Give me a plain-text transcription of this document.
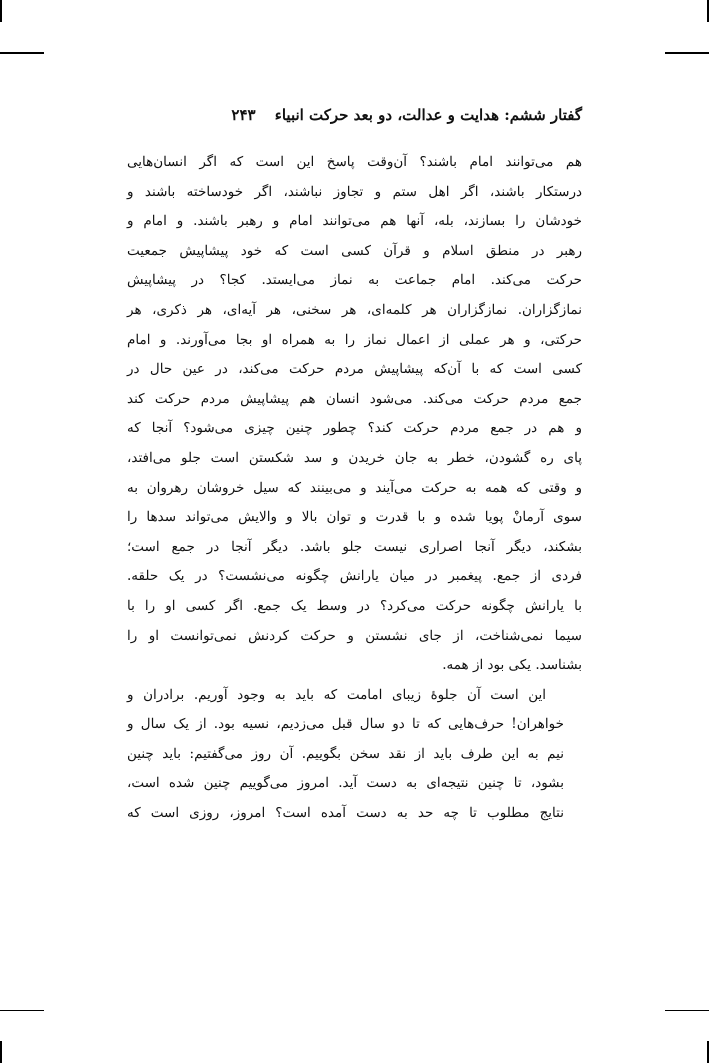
گفتار ششم: هدایت و عدالت، دو بعد حرکت انبیاء ۲۴۳

هم می‌توانند امام باشند؟ آن‌وقت پاسخ این است که اگر انسان‌هایی
درستکار باشند، اگر اهل ستم و تجاوز نباشند، اگر خودساخته باشند و
خودشان را بسازند، بله، آنها هم می‌توانند امام و رهبر باشند. و امام و
رهبر در منطق اسلام و قرآن کسی است که خود پیشاپیش جمعیت
حرکت می‌کند. امام جماعت به نماز می‌ایستد. کجا؟ در پیشاپیش
نمازگزاران. نمازگزاران هر کلمه‌ای، هر سخنی، هر آیه‌ای، هر ذکری، هر
حرکتی، و هر عملی از اعمال نماز را به همراه او بجا می‌آورند. و امام
کسی است که با آن‌که پیشاپیش مردم حرکت می‌کند، در عین حال در
جمع مردم حرکت می‌کند. می‌شود انسان هم پیشاپیش مردم حرکت کند
و هم در جمع مردم حرکت کند؟ چطور چنین چیزی می‌شود؟ آنجا که
پای ره گشودن، خطر به جان خریدن و سد شکستن است جلو می‌افتد،
و وقتی که همه به حرکت می‌آیند و می‌بینند که سیل خروشان رهروان به
سوی آرمانْ پویا شده و با قدرت و توان بالا و والایش می‌تواند سدها را
بشکند، دیگر آنجا اصراری نیست جلو باشد. دیگر آنجا در جمع است؛
فردی از جمع. پیغمبر در میان یارانش چگونه می‌نشست؟ در یک حلقه.
با یارانش چگونه حرکت می‌کرد؟ در وسط یک جمع. اگر کسی او را با
سیما نمی‌شناخت، از جای نشستن و حرکت کردنش نمی‌توانست او را
بشناسد. یکی بود از همه.

این است آن جلوهٔ زیبای امامت که باید به وجود آوریم. برادران و
خواهران! حرف‌هایی که تا دو سال قبل می‌زدیم، نسیه بود. از یک سال و
نیم به این طرف باید از نقد سخن بگوییم. آن روز می‌گفتیم: باید چنین
بشود، تا چنین نتیجه‌ای به دست آید. امروز می‌گوییم چنین شده است،
نتایج مطلوب تا چه حد به دست آمده است؟ امروز، روزی است که
